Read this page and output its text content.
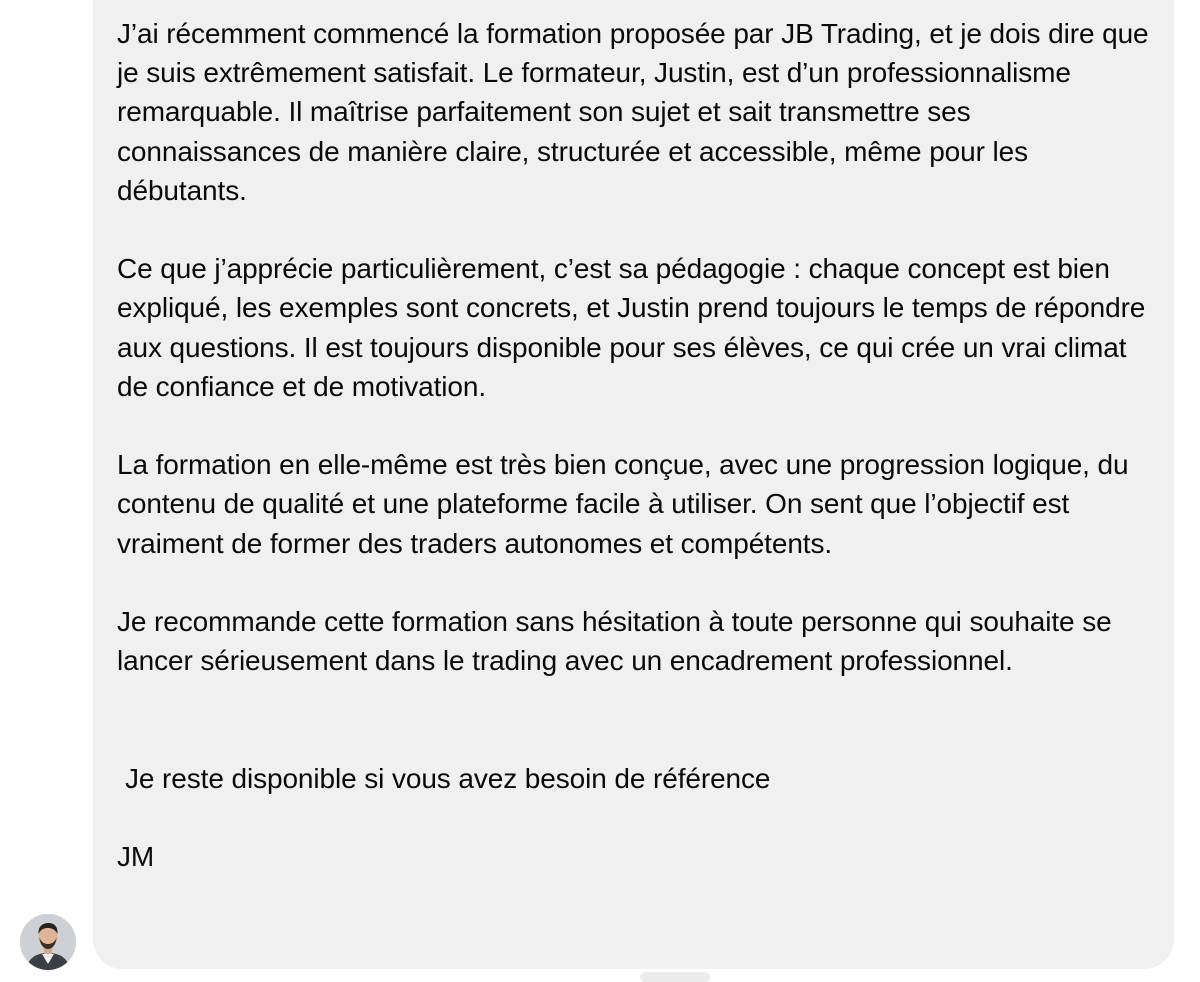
J’ai récemment commencé la formation proposée par JB Trading, et je dois dire que je suis extrêmement satisfait. Le formateur, Justin, est d’un professionnalisme remarquable. Il maîtrise parfaitement son sujet et sait transmettre ses connaissances de manière claire, structurée et accessible, même pour les débutants.

Ce que j’apprécie particulièrement, c’est sa pédagogie : chaque concept est bien expliqué, les exemples sont concrets, et Justin prend toujours le temps de répondre aux questions. Il est toujours disponible pour ses élèves, ce qui crée un vrai climat de confiance et de motivation.

La formation en elle-même est très bien conçue, avec une progression logique, du contenu de qualité et une plateforme facile à utiliser. On sent que l’objectif est vraiment de former des traders autonomes et compétents.

Je recommande cette formation sans hésitation à toute personne qui souhaite se lancer sérieusement dans le trading avec un encadrement professionnel.

Je reste disponible si vous avez besoin de référence

JM
